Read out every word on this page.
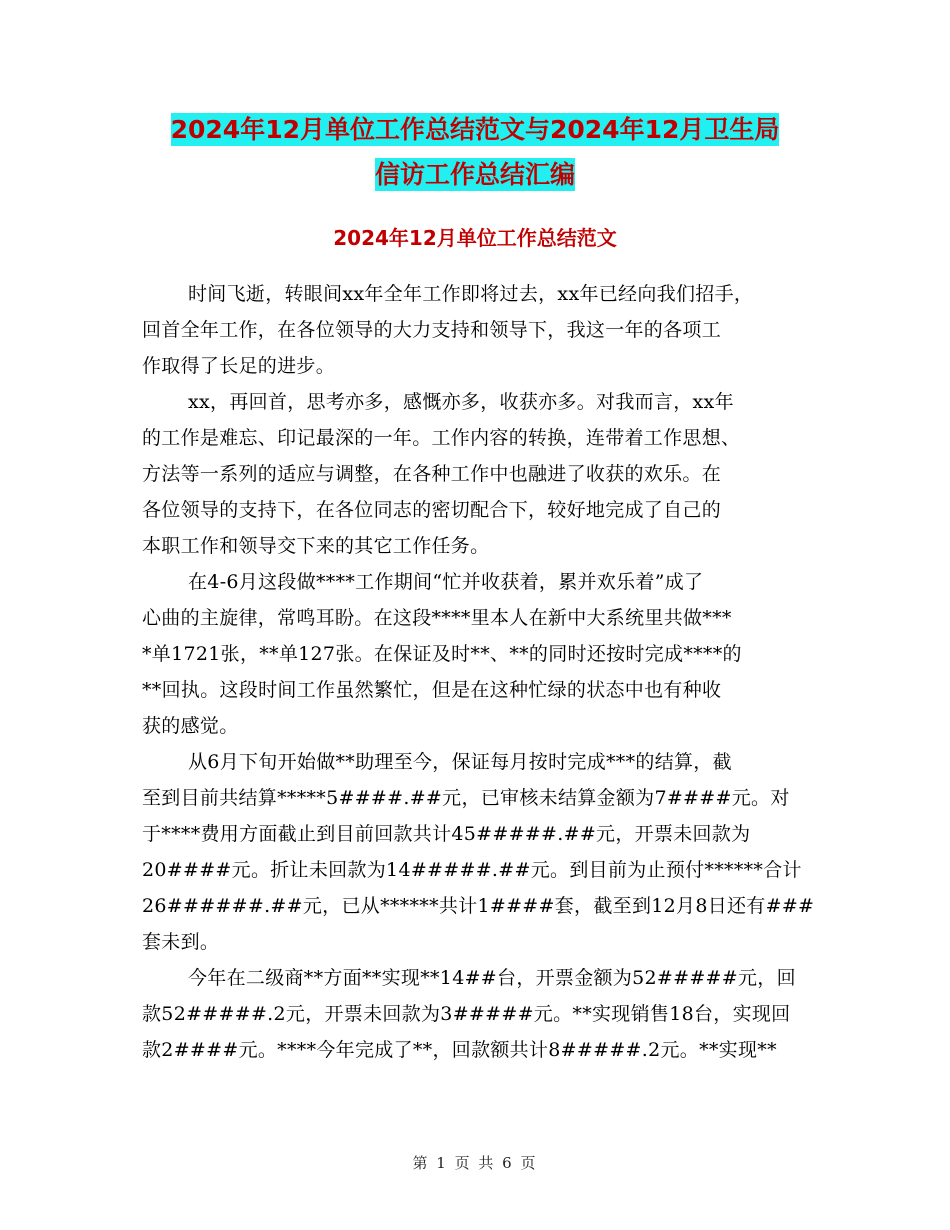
2024年12月单位工作总结范文与2024年12月卫生局
信访工作总结汇编
2024年12月单位工作总结范文
时间飞逝，转眼间xx年全年工作即将过去，xx年已经向我们招手，
回首全年工作，在各位领导的大力支持和领导下，我这一年的各项工
作取得了长足的进步。
xx，再回首，思考亦多，感慨亦多，收获亦多。对我而言，xx年
的工作是难忘、印记最深的一年。工作内容的转换，连带着工作思想、
方法等一系列的适应与调整，在各种工作中也融进了收获的欢乐。在
各位领导的支持下，在各位同志的密切配合下，较好地完成了自己的
本职工作和领导交下来的其它工作任务。
在4-6月这段做****工作期间“忙并收获着，累并欢乐着”成了
心曲的主旋律，常鸣耳盼。在这段****里本人在新中大系统里共做***
*单1721张，**单127张。在保证及时**、**的同时还按时完成****的
**回执。这段时间工作虽然繁忙，但是在这种忙绿的状态中也有种收
获的感觉。
从6月下旬开始做**助理至今，保证每月按时完成***的结算，截
至到目前共结算*****5####.##元，已审核未结算金额为7####元。对
于****费用方面截止到目前回款共计45#####.##元，开票未回款为
20####元。折让未回款为14#####.##元。到目前为止预付******合计
26######.##元，已从******共计1####套，截至到12月8日还有###
套未到。
今年在二级商**方面**实现**14##台，开票金额为52#####元，回
款52#####.2元，开票未回款为3#####元。**实现销售18台，实现回
款2####元。****今年完成了**，回款额共计8#####.2元。**实现**
第 1 页 共 6 页
